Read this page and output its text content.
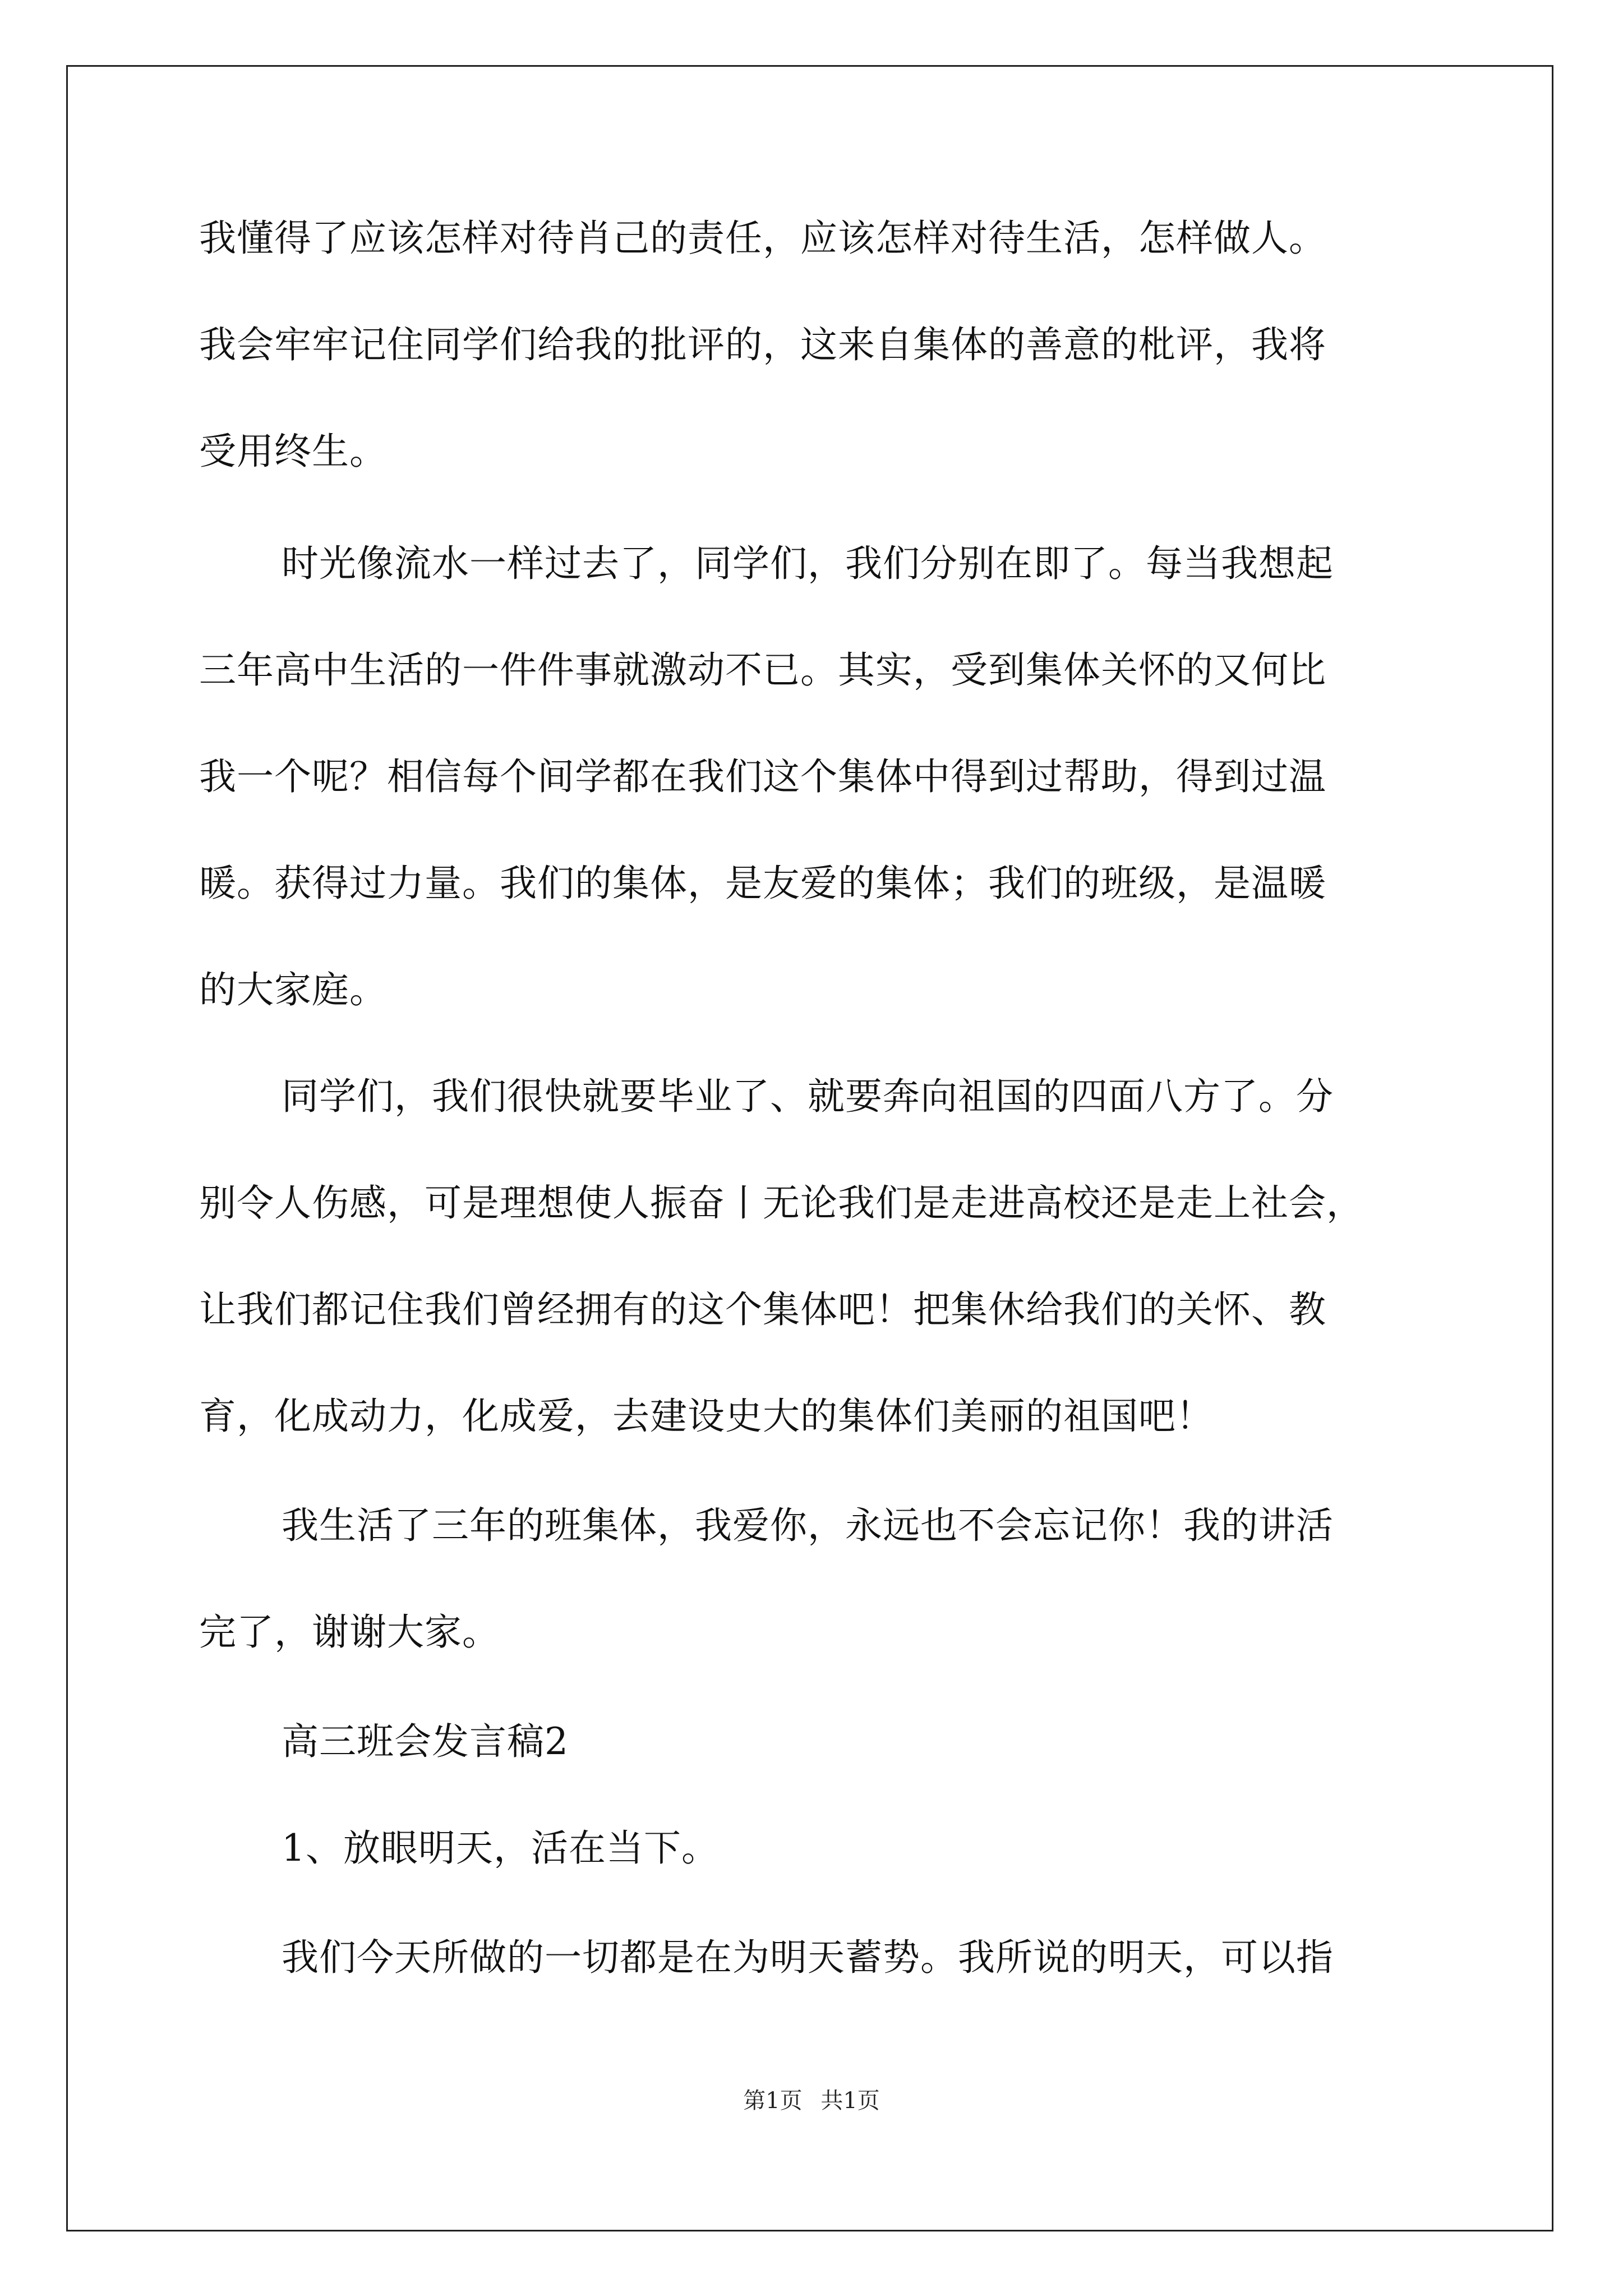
我懂得了应该怎样对待肖己的责任，应该怎样对待生活，怎样做人。
我会牢牢记住同学们给我的批评的，这来自集体的善意的枇评，我将
受用终生。
时光像流水一样过去了，同学们，我们分别在即了。每当我想起
三年高中生活的一件件事就激动不已。其实，受到集体关怀的又何比
我一个呢？相信每个间学都在我们这个集体中得到过帮助，得到过温
暖。获得过力量。我们的集体，是友爱的集体；我们的班级，是温暖
的大家庭。
同学们，我们很快就要毕业了、就要奔向祖国的四面八方了。分
别令人伤感，可是理想使人振奋丨无论我们是走进高校还是走上社会，
让我们都记住我们曾经拥有的这个集体吧！把集休给我们的关怀、教
育，化成动力，化成爱，去建设史大的集体们美丽的祖国吧！
我生活了三年的班集体，我爱你，永远也不会忘记你！我的讲活
完了，谢谢大家。
高三班会发言稿2
1、放眼明天，活在当下。
我们今天所做的一切都是在为明天蓄势。我所说的明天，可以指
第1页 共1页
